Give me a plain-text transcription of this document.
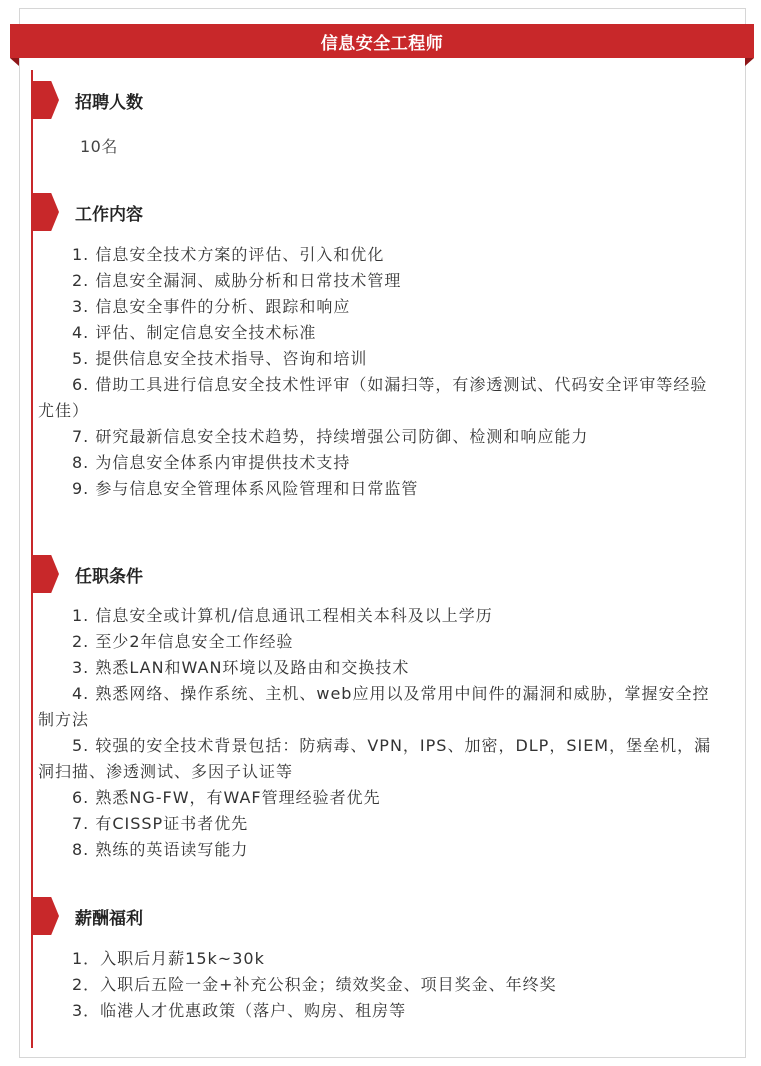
信息安全工程师
招聘人数
10名
工作内容

1. 信息安全技术方案的评估、引入和优化

2. 信息安全漏洞、威胁分析和日常技术管理

3. 信息安全事件的分析、跟踪和响应

4. 评估、制定信息安全技术标准

5. 提供信息安全技术指导、咨询和培训

6. 借助工具进行信息安全技术性评审（如漏扫等，有渗透测试、代码安全评审等经验尤佳）

7. 研究最新信息安全技术趋势，持续增强公司防御、检测和响应能力

8. 为信息安全体系内审提供技术支持

9. 参与信息安全管理体系风险管理和日常监管

任职条件

1. 信息安全或计算机/信息通讯工程相关本科及以上学历

2. 至少2年信息安全工作经验

3. 熟悉LAN和WAN环境以及路由和交换技术

4. 熟悉网络、操作系统、主机、web应用以及常用中间件的漏洞和威胁，掌握安全控制方法

5. 较强的安全技术背景包括：防病毒、VPN，IPS、加密，DLP，SIEM，堡垒机，漏洞扫描、渗透测试、多因子认证等

6. 熟悉NG-FW，有WAF管理经验者优先

7. 有CISSP证书者优先

8. 熟练的英语读写能力

薪酬福利

1．入职后月薪15k~30k

2．入职后五险一金+补充公积金；绩效奖金、项目奖金、年终奖

3．临港人才优惠政策（落户、购房、租房等
